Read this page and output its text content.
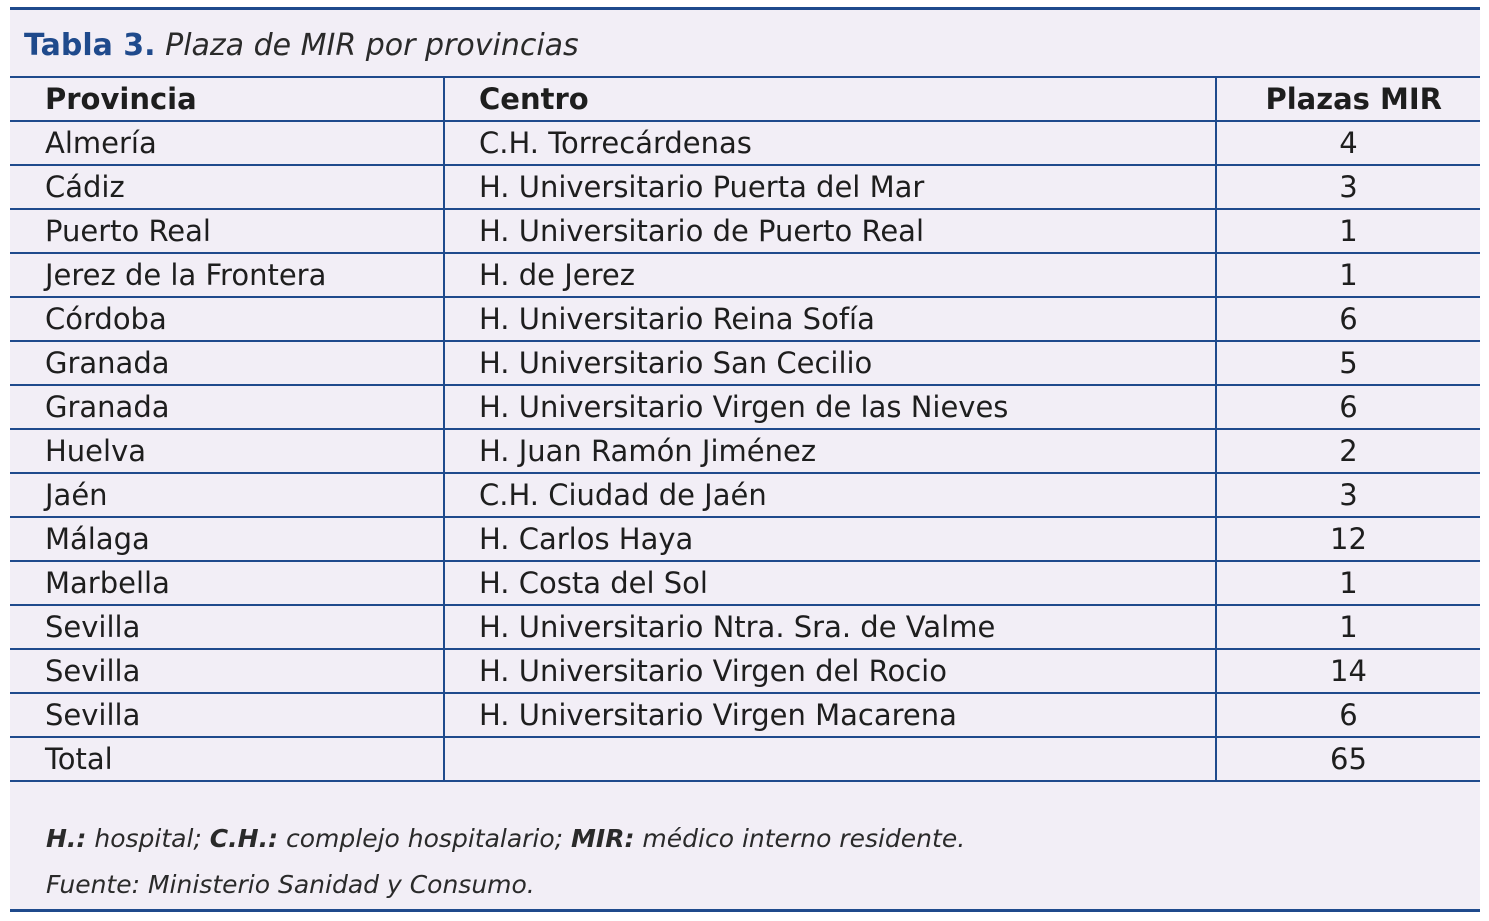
Tabla 3. Plaza de MIR por provincias
Provincia	Centro	Plazas MIR
Almería	C.H. Torrecárdenas	4
Cádiz	H. Universitario Puerta del Mar	3
Puerto Real	H. Universitario de Puerto Real	1
Jerez de la Frontera	H. de Jerez	1
Córdoba	H. Universitario Reina Sofía	6
Granada	H. Universitario San Cecilio	5
Granada	H. Universitario Virgen de las Nieves	6
Huelva	H. Juan Ramón Jiménez	2
Jaén	C.H. Ciudad de Jaén	3
Málaga	H. Carlos Haya	12
Marbella	H. Costa del Sol	1
Sevilla	H. Universitario Ntra. Sra. de Valme	1
Sevilla	H. Universitario Virgen del Rocio	14
Sevilla	H. Universitario Virgen Macarena	6
Total		65
H.: hospital; C.H.: complejo hospitalario; MIR: médico interno residente.
Fuente: Ministerio Sanidad y Consumo.
